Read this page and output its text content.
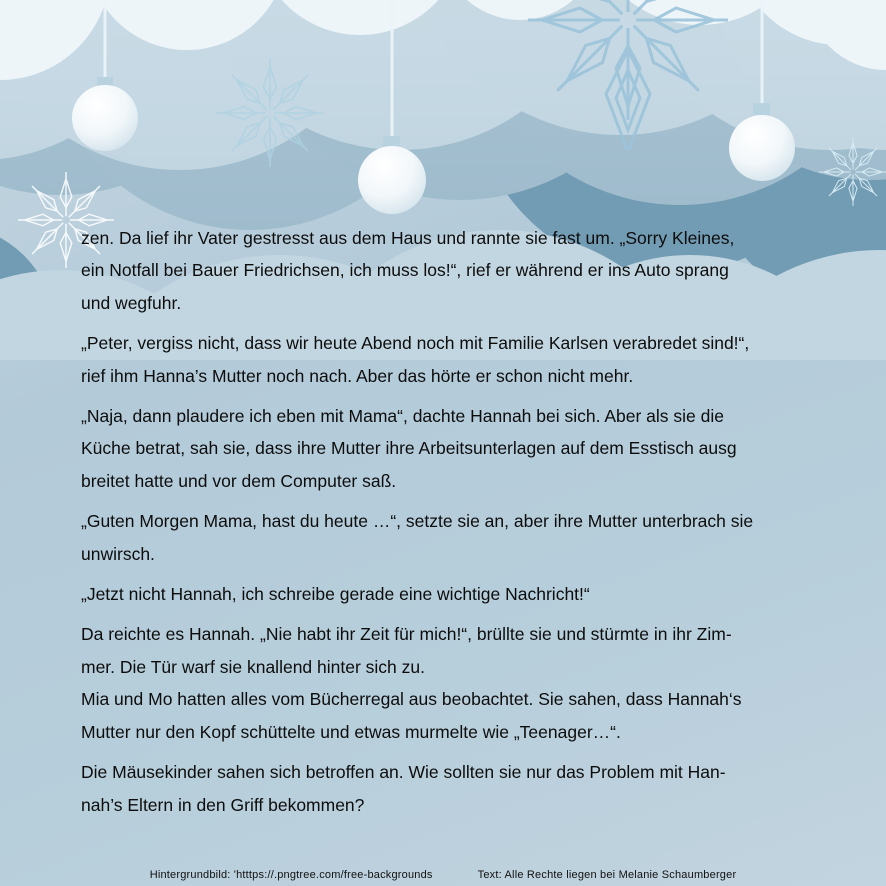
zen. Da lief ihr Vater gestresst aus dem Haus und rannte sie fast um. „Sorry Kleines,
ein Notfall bei Bauer Friedrichsen, ich muss los!“, rief er während er ins Auto sprang
und wegfuhr.
„Peter, vergiss nicht, dass wir heute Abend noch mit Familie Karlsen verabredet sind!“,
rief ihm Hanna’s Mutter noch nach. Aber das hörte er schon nicht mehr.
„Naja, dann plaudere ich eben mit Mama“, dachte Hannah bei sich. Aber als sie die
Küche betrat, sah sie, dass ihre Mutter ihre Arbeitsunterlagen auf dem Esstisch ausg
breitet hatte und vor dem Computer saß.
„Guten Morgen Mama, hast du heute …“, setzte sie an, aber ihre Mutter unterbrach sie
unwirsch.
„Jetzt nicht Hannah, ich schreibe gerade eine wichtige Nachricht!“
Da reichte es Hannah. „Nie habt ihr Zeit für mich!“, brüllte sie und stürmte in ihr Zim-
mer. Die Tür warf sie knallend hinter sich zu.
Mia und Mo hatten alles vom Bücherregal aus beobachtet. Sie sahen, dass Hannah‘s
Mutter nur den Kopf schüttelte und etwas murmelte wie „Teenager…“.
Die Mäusekinder sahen sich betroffen an. Wie sollten sie nur das Problem mit Han-
nah’s Eltern in den Griff bekommen?
Hintergrundbild: 'htttps://.pngtree.com/free-backgrounds	Text: Alle Rechte liegen bei Melanie Schaumberger
